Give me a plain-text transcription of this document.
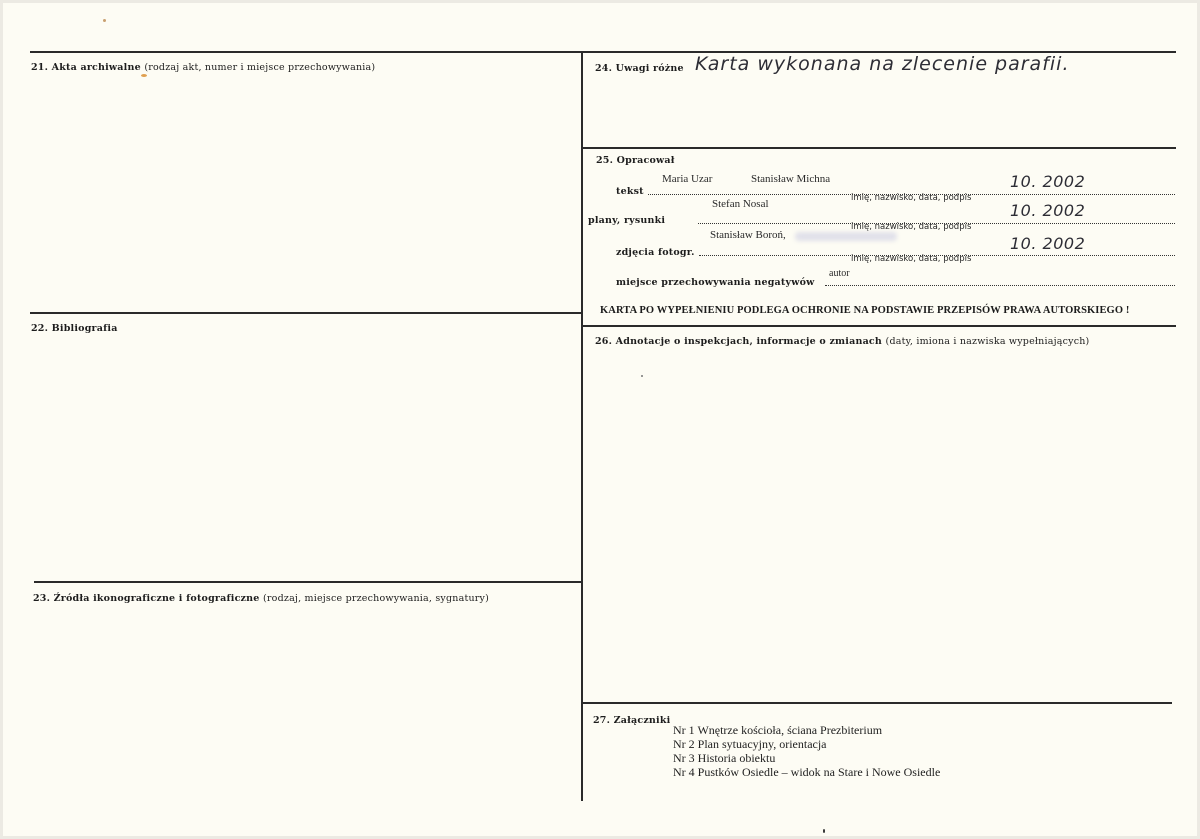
21. Akta archiwalne (rodzaj akt, numer i miejsce przechowywania)
22. Bibliografia
23. Źródła ikonograficzne i fotograficzne (rodzaj, miejsce przechowywania, sygnatury)
24. Uwagi różne Karta wykonana na zlecenie parafii.
25. Opracował
Maria Uzar	Stanisław Michna
tekst
imię, nazwisko, data, podpis
10. 2002
Stefan Nosal
plany, rysunki
imię, nazwisko, data, podpis
10. 2002
Stanisław Boroń,
zdjęcia fotogr.
imię, nazwisko, data, podpis
10. 2002
autor
miejsce przechowywania negatywów
KARTA PO WYPEŁNIENIU PODLEGA OCHRONIE NA PODSTAWIE PRZEPISÓW PRAWA AUTORSKIEGO !
26. Adnotacje o inspekcjach, informacje o zmianach (daty, imiona i nazwiska wypełniających)
27. Załączniki
Nr 1 Wnętrze kościoła, ściana Prezbiterium
Nr 2 Plan sytuacyjny, orientacja
Nr 3 Historia obiektu
Nr 4 Pustków Osiedle – widok na Stare i Nowe Osiedle
